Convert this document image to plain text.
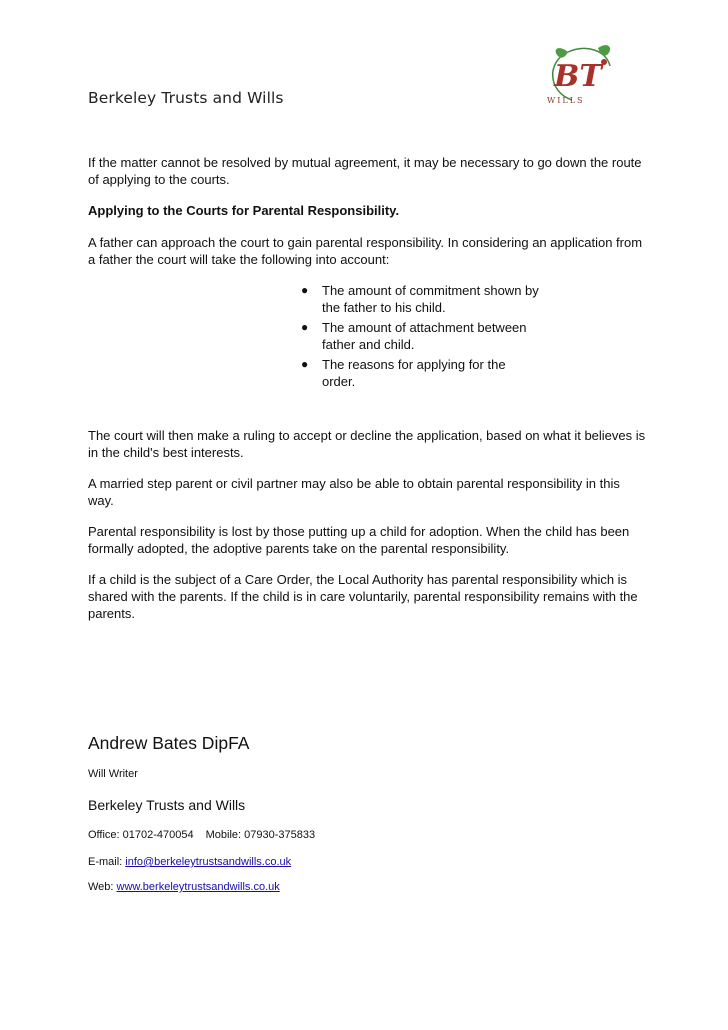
Berkeley Trusts and Wills
BT
WILLS

If the matter cannot be resolved by mutual agreement, it may be necessary to go down the route of applying to the courts.

Applying to the Courts for Parental Responsibility.

A father can approach the court to gain parental responsibility. In considering an application from a father the court will take the following into account:

● The amount of commitment shown by the father to his child.
● The amount of attachment between father and child.
● The reasons for applying for the order.

The court will then make a ruling to accept or decline the application, based on what it believes is in the child's best interests.

A married step parent or civil partner may also be able to obtain parental responsibility in this way.

Parental responsibility is lost by those putting up a child for adoption. When the child has been formally adopted, the adoptive parents take on the parental responsibility.

If a child is the subject of a Care Order, the Local Authority has parental responsibility which is shared with the parents. If the child is in care voluntarily, parental responsibility remains with the parents.

Andrew Bates DipFA
Will Writer
Berkeley Trusts and Wills
Office: 01702-470054 Mobile: 07930-375833
E-mail: info@berkeleytrustsandwills.co.uk
Web: www.berkeleytrustsandwills.co.uk
